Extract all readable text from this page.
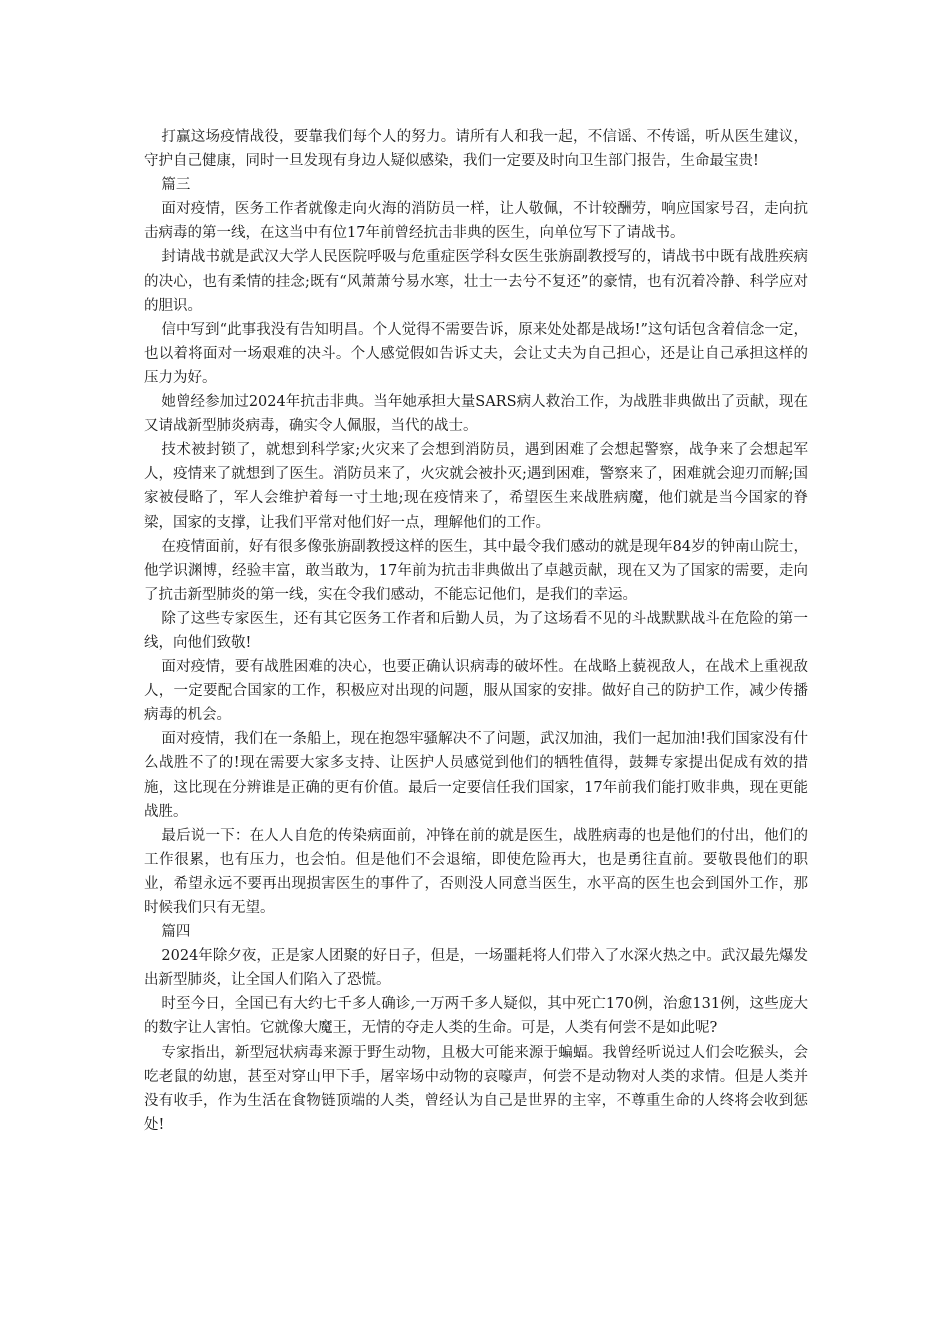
打赢这场疫情战役，要靠我们每个人的努力。请所有人和我一起，不信谣、不传谣，听从医生建议，守护自己健康，同时一旦发现有身边人疑似感染，我们一定要及时向卫生部门报告，生命最宝贵!

篇三

面对疫情，医务工作者就像走向火海的消防员一样，让人敬佩，不计较酬劳，响应国家号召，走向抗击病毒的第一线，在这当中有位17年前曾经抗击非典的医生，向单位写下了请战书。

封请战书就是武汉大学人民医院呼吸与危重症医学科女医生张旃副教授写的，请战书中既有战胜疾病的决心，也有柔情的挂念;既有“风萧萧兮易水寒，壮士一去兮不复还”的豪情，也有沉着冷静、科学应对的胆识。

信中写到“此事我没有告知明昌。个人觉得不需要告诉，原来处处都是战场!”这句话包含着信念一定，也以着将面对一场艰难的决斗。个人感觉假如告诉丈夫，会让丈夫为自己担心，还是让自己承担这样的压力为好。

她曾经参加过2024年抗击非典。当年她承担大量SARS病人救治工作，为战胜非典做出了贡献，现在又请战新型肺炎病毒，确实令人佩服，当代的战士。

技术被封锁了，就想到科学家;火灾来了会想到消防员，遇到困难了会想起警察，战争来了会想起军人，疫情来了就想到了医生。消防员来了，火灾就会被扑灭;遇到困难，警察来了，困难就会迎刃而解;国家被侵略了，军人会维护着每一寸土地;现在疫情来了，希望医生来战胜病魔，他们就是当今国家的脊梁，国家的支撑，让我们平常对他们好一点，理解他们的工作。

在疫情面前，好有很多像张旃副教授这样的医生，其中最令我们感动的就是现年84岁的钟南山院士，他学识渊博，经验丰富，敢当敢为，17年前为抗击非典做出了卓越贡献，现在又为了国家的需要，走向了抗击新型肺炎的第一线，实在令我们感动，不能忘记他们，是我们的幸运。

除了这些专家医生，还有其它医务工作者和后勤人员，为了这场看不见的斗战默默战斗在危险的第一线，向他们致敬!

面对疫情，要有战胜困难的决心，也要正确认识病毒的破坏性。在战略上藐视敌人，在战术上重视敌人，一定要配合国家的工作，积极应对出现的问题，服从国家的安排。做好自己的防护工作，减少传播病毒的机会。

面对疫情，我们在一条船上，现在抱怨牢骚解决不了问题，武汉加油，我们一起加油!我们国家没有什么战胜不了的!现在需要大家多支持、让医护人员感觉到他们的牺牲值得，鼓舞专家提出促成有效的措施，这比现在分辨谁是正确的更有价值。最后一定要信任我们国家，17年前我们能打败非典，现在更能战胜。

最后说一下：在人人自危的传染病面前，冲锋在前的就是医生，战胜病毒的也是他们的付出，他们的工作很累，也有压力，也会怕。但是他们不会退缩，即使危险再大，也是勇往直前。要敬畏他们的职业，希望永远不要再出现损害医生的事件了，否则没人同意当医生，水平高的医生也会到国外工作，那时候我们只有无望。

篇四

2024年除夕夜，正是家人团聚的好日子，但是，一场噩耗将人们带入了水深火热之中。武汉最先爆发出新型肺炎，让全国人们陷入了恐慌。

时至今日，全国已有大约七千多人确诊,一万两千多人疑似，其中死亡170例，治愈131例，这些庞大的数字让人害怕。它就像大魔王，无情的夺走人类的生命。可是，人类有何尝不是如此呢?

专家指出，新型冠状病毒来源于野生动物，且极大可能来源于蝙蝠。我曾经听说过人们会吃猴头，会吃老鼠的幼崽，甚至对穿山甲下手，屠宰场中动物的哀嚎声，何尝不是动物对人类的求情。但是人类并没有收手，作为生活在食物链顶端的人类，曾经认为自己是世界的主宰，不尊重生命的人终将会收到惩处!
